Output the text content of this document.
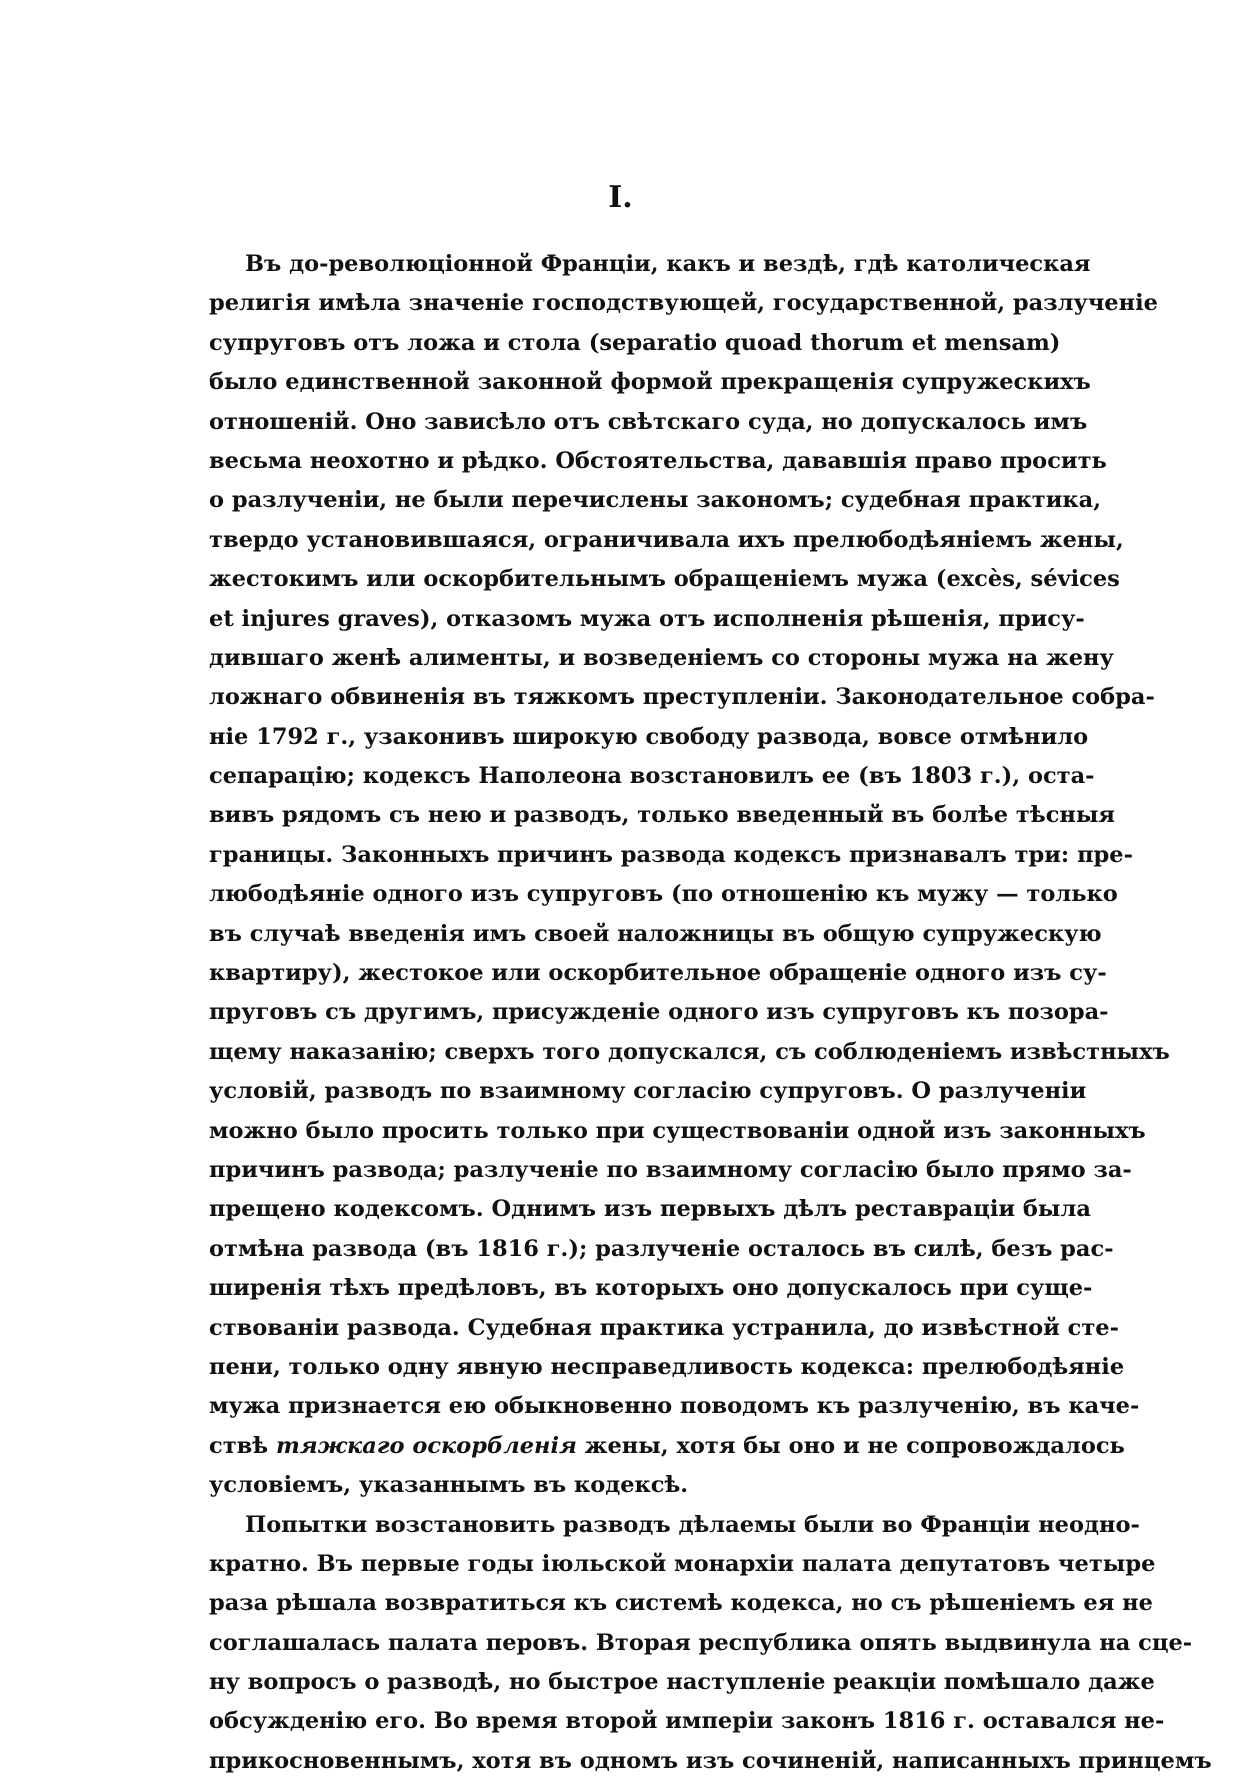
I.
Въ до-революціонной Франціи, какъ и вездѣ, гдѣ католическая
религія имѣла значеніе господствующей, государственной, разлученіе
супруговъ отъ ложа и стола (separatio quoad thorum et mensam)
было единственной законной формой прекращенія супружескихъ
отношеній. Оно зависѣло отъ свѣтскаго суда, но допускалось имъ
весьма неохотно и рѣдко. Обстоятельства, дававшія право просить
о разлученіи, не были перечислены закономъ; судебная практика,
твердо установившаяся, ограничивала ихъ прелюбодѣяніемъ жены,
жестокимъ или оскорбительнымъ обращеніемъ мужа (excès, sévices
et injures graves), отказомъ мужа отъ исполненія рѣшенія, прису-
дившаго женѣ алименты, и возведеніемъ со стороны мужа на жену
ложнаго обвиненія въ тяжкомъ преступленіи. Законодательное собра-
ніе 1792 г., узаконивъ широкую свободу развода, вовсе отмѣнило
сепарацію; кодексъ Наполеона возстановилъ ее (въ 1803 г.), оста-
вивъ рядомъ съ нею и разводъ, только введенный въ болѣе тѣсныя
границы. Законныхъ причинъ развода кодексъ признавалъ три: пре-
любодѣяніе одного изъ супруговъ (по отношенію къ мужу — только
въ случаѣ введенія имъ своей наложницы въ общую супружескую
квартиру), жестокое или оскорбительное обращеніе одного изъ су-
пруговъ съ другимъ, присужденіе одного изъ супруговъ къ позора-
щему наказанію; сверхъ того допускался, съ соблюденіемъ извѣстныхъ
условій, разводъ по взаимному согласію супруговъ. О разлученіи
можно было просить только при существованіи одной изъ законныхъ
причинъ развода; разлученіе по взаимному согласію было прямо за-
прещено кодексомъ. Однимъ изъ первыхъ дѣлъ реставраціи была
отмѣна развода (въ 1816 г.); разлученіе осталось въ силѣ, безъ рас-
ширенія тѣхъ предѣловъ, въ которыхъ оно допускалось при суще-
ствованіи развода. Судебная практика устранила, до извѣстной сте-
пени, только одну явную несправедливость кодекса: прелюбодѣяніе
мужа признается ею обыкновенно поводомъ къ разлученію, въ каче-
ствѣ тяжкаго оскорбленія жены, хотя бы оно и не сопровождалось
условіемъ, указаннымъ въ кодексѣ.
Попытки возстановить разводъ дѣлаемы были во Франціи неодно-
кратно. Въ первые годы іюльской монархіи палата депутатовъ четыре
раза рѣшала возвратиться къ системѣ кодекса, но съ рѣшеніемъ ея не
соглашалась палата перовъ. Вторая республика опять выдвинула на сце-
ну вопросъ о разводѣ, но быстрое наступленіе реакціи помѣшало даже
обсужденію его. Во время второй имперіи законъ 1816 г. оставался не-
прикосновеннымъ, хотя въ одномъ изъ сочиненій, написанныхъ принцемъ
